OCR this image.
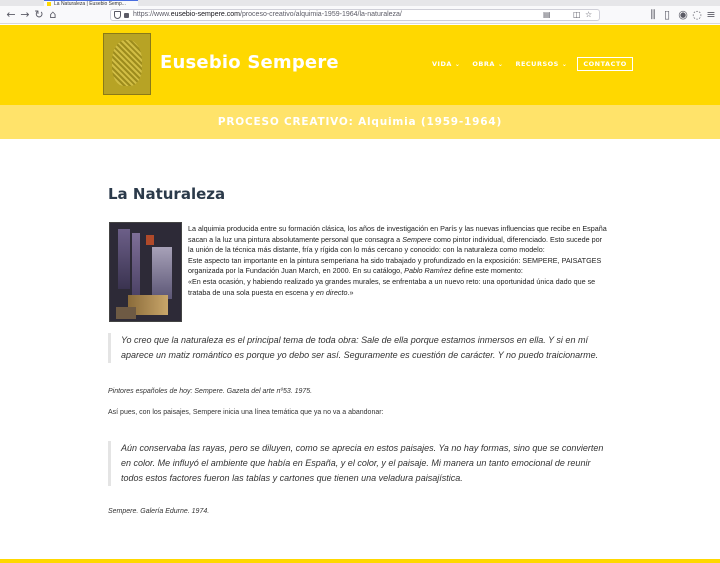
La Naturaleza | Eusebio Semp...
← → ↻ ⌂	https://www.eusebio-sempere.com/proceso-creativo/alquimia-1959-1964/la-naturaleza/	▤	◫ ☆	⫼ ▯ ◉ ◌ ≡
Eusebio Sempere	VIDA ⌄	OBRA ⌄	RECURSOS ⌄	CONTACTO
PROCESO CREATIVO: Alquimia (1959-1964)
La Naturaleza

La alquimia producida entre su formación clásica, los años de investigación en París y las nuevas influencias que recibe en España sacan a la luz una pintura absolutamente personal que consagra a Sempere como pintor individual, diferenciado. Esto sucede por la unión de la técnica más distante, fría y rígida con lo más cercano y conocido: con la naturaleza como modelo:

Este aspecto tan importante en la pintura semperiana ha sido trabajado y profundizado en la exposición: SEMPERE, PAISATGES organizada por la Fundación Juan March, en 2000. En su catálogo, Pablo Ramírez define este momento:

«En esta ocasión, y habiendo realizado ya grandes murales, se enfrentaba a un nuevo reto: una oportunidad única dado que se trataba de una sola puesta en escena y en directo.»

Yo creo que la naturaleza es el principal tema de toda obra: Sale de ella porque estamos inmersos en ella. Y si en mí aparece un matiz romántico es porque yo debo ser así. Seguramente es cuestión de carácter. Y no puedo traicionarme.

Pintores españoles de hoy: Sempere. Gazeta del arte nº53. 1975.

Así pues, con los paisajes, Sempere inicia una línea temática que ya no va a abandonar:

Aún conservaba las rayas, pero se diluyen, como se aprecia en estos paisajes. Ya no hay formas, sino que se convierten en color. Me influyó el ambiente que había en España, y el color, y el paisaje. Mi manera un tanto emocional de reunir todos estos factores fueron las tablas y cartones que tienen una veladura paisajística.

Sempere. Galería Edurne. 1974.
